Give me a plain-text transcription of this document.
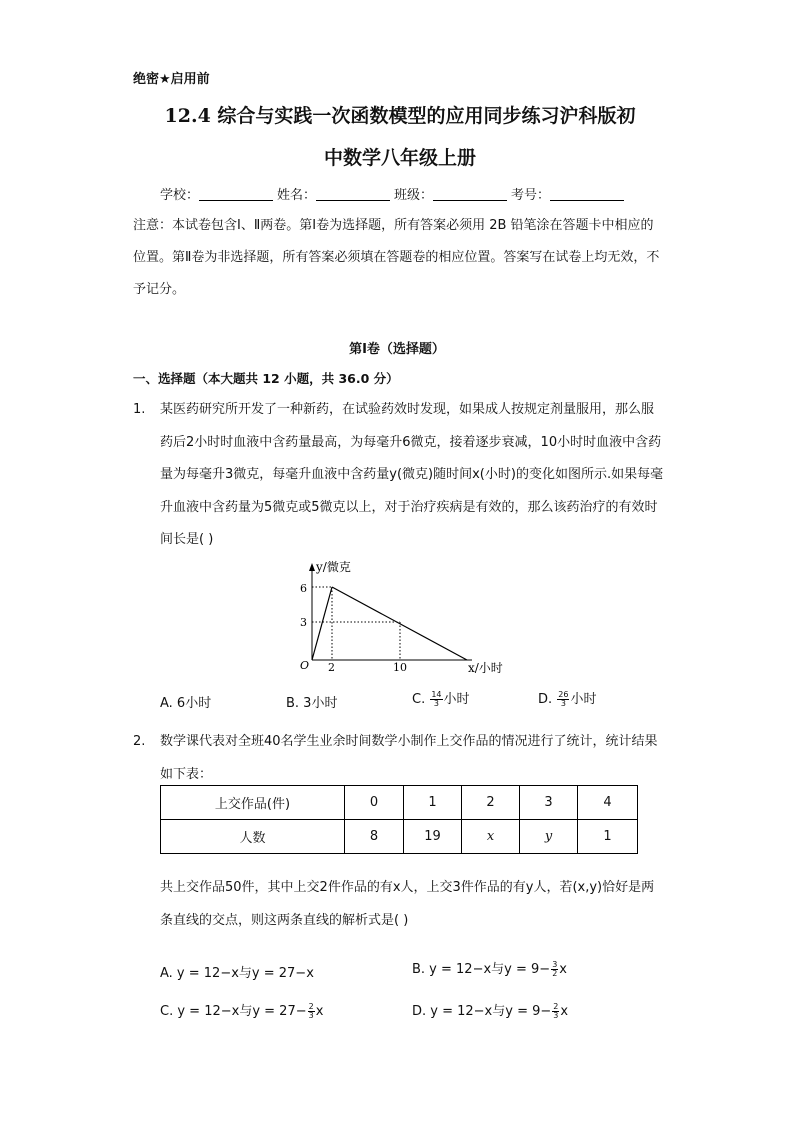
绝密★启用前
12.4 综合与实践一次函数模型的应用同步练习沪科版初
中数学八年级上册
学校：	姓名：	班级：	考号：
注意：本试卷包含Ⅰ、Ⅱ两卷。第Ⅰ卷为选择题，所有答案必须用 2B 铅笔涂在答题卡中相应的位置。第Ⅱ卷为非选择题，所有答案必须填在答题卷的相应位置。答案写在试卷上均无效，不予记分。
第Ⅰ卷（选择题）
一、选择题（本大题共 12 小题，共 36.0 分）
1. 某医药研究所开发了一种新药，在试验药效时发现，如果成人按规定剂量服用，那么服药后2小时时血液中含药量最高，为每毫升6微克，接着逐步衰减，10小时时血液中含药量为每毫升3微克，每毫升血液中含药量y(微克)随时间x(小时)的变化如图所示.如果每毫升血液中含药量为5微克或5微克以上，对于治疗疾病是有效的，那么该药治疗的有效时间长是( )
y/微克
6
3
O 2	10	x/小时
A. 6小时	B. 3小时	C. $\frac{14}{3}$ 小时	D. $\frac{26}{3}$ 小时
2. 数学课代表对全班40名学生业余时间数学小制作上交作品的情况进行了统计，统计结果如下表：
上交作品(件)	0	1	2	3	4
人数	8	19	x	y	1
共上交作品50件，其中上交2件作品的有x人，上交3件作品的有y人，若(x,y)恰好是两条直线的交点，则这两条直线的解析式是( )
A. y = 12−x与y = 27−x	B. y = 12−x与$y = 9- \frac{3}{2}$ x
C. y = 12−x与$y = 27- \frac{2}{3}$ x	D. y = 12−x与$y = 9- \frac{2}{3}$ x
